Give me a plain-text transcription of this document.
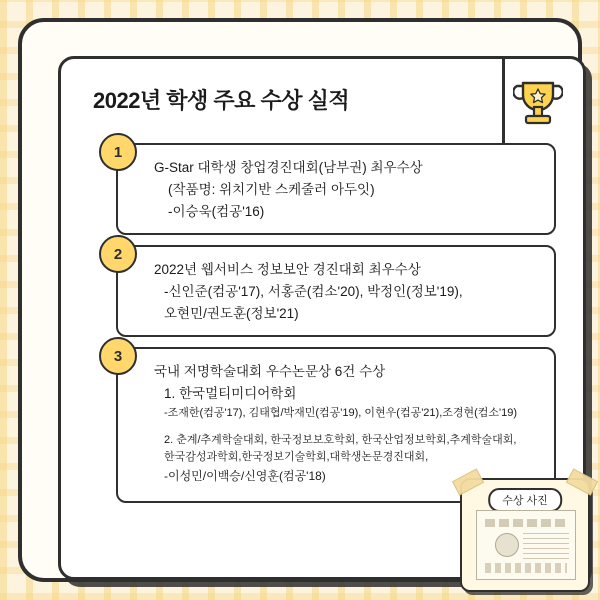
2022년 학생 주요 수상 실적
1
G-Star 대학생 창업경진대회(남부권) 최우수상
(작품명: 위치기반 스케줄러 아두잇)
-이승욱(컴공'16)
2
2022년 웹서비스 정보보안 경진대회 최우수상
-신인준(컴공'17), 서홍준(컴소'20), 박정인(정보'19),
오현민/권도훈(정보'21)
3
국내 저명학술대회 우수논문상 6건 수상
1. 한국멀티미디어학회
-조재한(컴공'17), 김태협/박재민(컴공'19), 이현우(컴공'21),조경현(컴소'19)
2. 춘계/추계학술대회, 한국정보보호학회, 한국산업정보학회,추계학술대회,
한국감성과학회,한국정보기술학회,대학생논문경진대회,
-이성민/이백승/신영훈(컴공'18)
수상 사진
